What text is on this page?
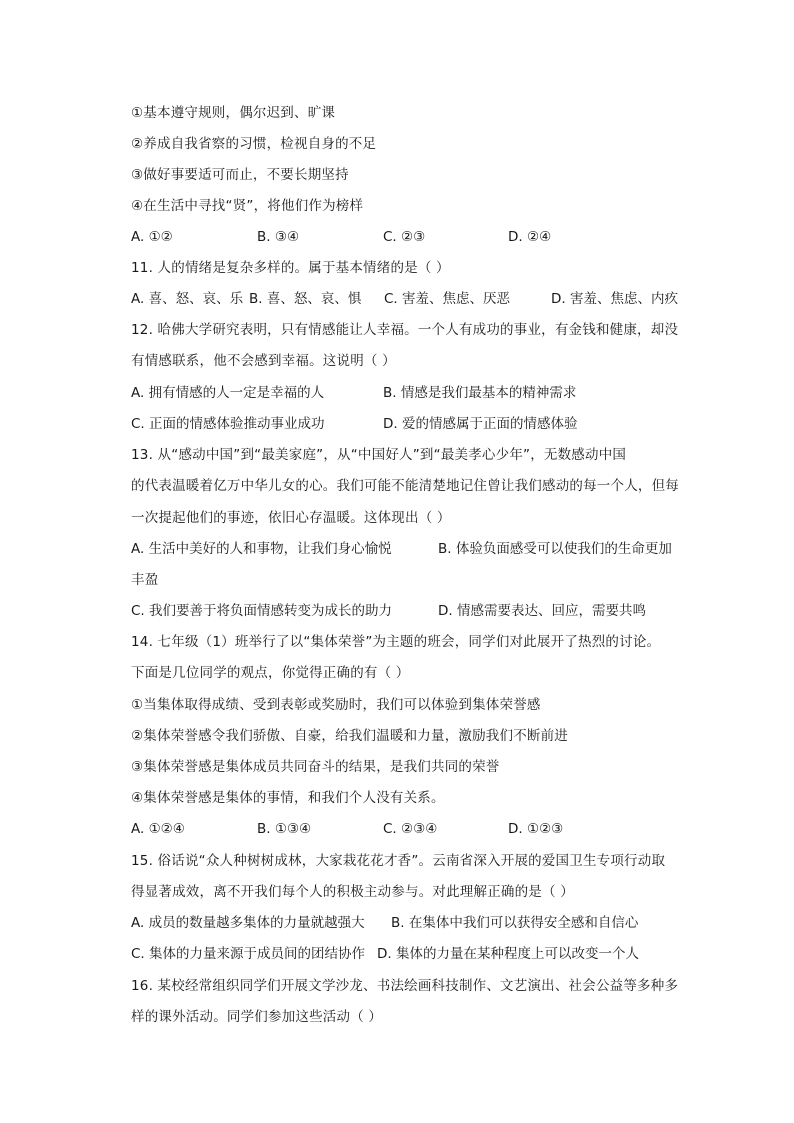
①基本遵守规则，偶尔迟到、旷课
②养成自我省察的习惯，检视自身的不足
③做好事要适可而止，不要长期坚持
④在生活中寻找“贤”，将他们作为榜样
A. ①②	B. ③④	C. ②③	D. ②④
11. 人的情绪是复杂多样的。属于基本情绪的是（ ）
A. 喜、怒、哀、乐 B. 喜、怒、哀、惧 C. 害羞、焦虑、厌恶	D. 害羞、焦虑、内疚
12. 哈佛大学研究表明，只有情感能让人幸福。一个人有成功的事业，有金钱和健康，却没
有情感联系，他不会感到幸福。这说明（ ）
A. 拥有情感的人一定是幸福的人	B. 情感是我们最基本的精神需求
C. 正面的情感体验推动事业成功	D. 爱的情感属于正面的情感体验
13. 从“感动中国”到“最美家庭”，从“中国好人”到“最美孝心少年”，无数感动中国
的代表温暖着亿万中华儿女的心。我们可能不能清楚地记住曾让我们感动的每一个人，但每
一次提起他们的事迹，依旧心存温暖。这体现出（ ）
A. 生活中美好的人和事物，让我们身心愉悦	B. 体验负面感受可以使我们的生命更加
丰盈
C. 我们要善于将负面情感转变为成长的助力	D. 情感需要表达、回应，需要共鸣
14. 七年级（1）班举行了以“集体荣誉”为主题的班会，同学们对此展开了热烈的讨论。
下面是几位同学的观点，你觉得正确的有（ ）
①当集体取得成绩、受到表彰或奖励时，我们可以体验到集体荣誉感
②集体荣誉感令我们骄傲、自豪，给我们温暖和力量，激励我们不断前进
③集体荣誉感是集体成员共同奋斗的结果，是我们共同的荣誉
④集体荣誉感是集体的事情，和我们个人没有关系。
A. ①②④	B. ①③④	C. ②③④	D. ①②③
15. 俗话说“众人种树树成林，大家栽花花才香”。云南省深入开展的爱国卫生专项行动取
得显著成效，离不开我们每个人的积极主动参与。对此理解正确的是（ ）
A. 成员的数量越多集体的力量就越强大 B. 在集体中我们可以获得安全感和自信心
C. 集体的力量来源于成员间的团结协作 D. 集体的力量在某种程度上可以改变一个人
16. 某校经常组织同学们开展文学沙龙、书法绘画科技制作、文艺演出、社会公益等多种多
样的课外活动。同学们参加这些活动（ ）
